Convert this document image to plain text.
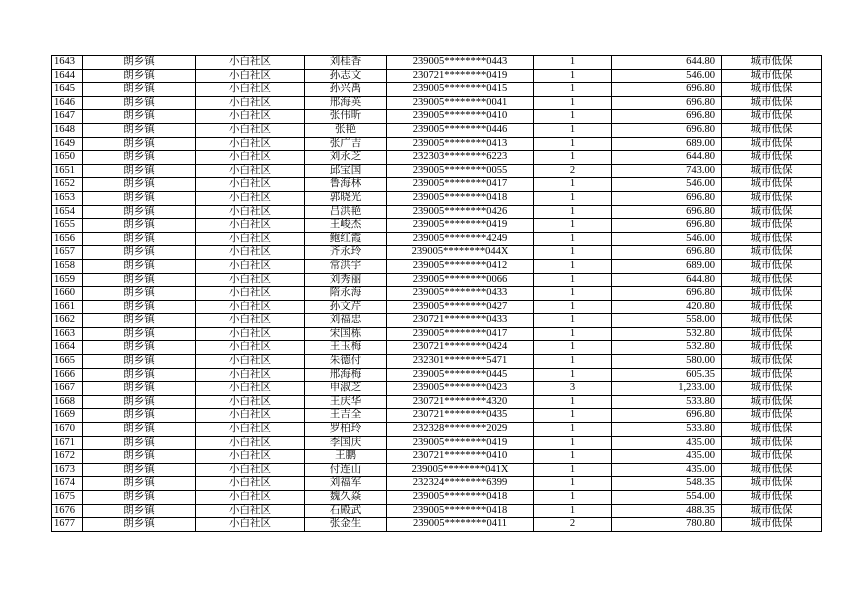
1643	朗乡镇	小白社区	刘桂香	239005********0443	1	644.80	城市低保
1644	朗乡镇	小白社区	孙志文	230721********0419	1	546.00	城市低保
1645	朗乡镇	小白社区	孙兴禹	239005********0415	1	696.80	城市低保
1646	朗乡镇	小白社区	邢海英	239005********0041	1	696.80	城市低保
1647	朗乡镇	小白社区	张伟昕	239005********0410	1	696.80	城市低保
1648	朗乡镇	小白社区	张艳	239005********0446	1	696.80	城市低保
1649	朗乡镇	小白社区	张广吉	239005********0413	1	689.00	城市低保
1650	朗乡镇	小白社区	刘永芝	232303********6223	1	644.80	城市低保
1651	朗乡镇	小白社区	邱宝国	239005********0055	2	743.00	城市低保
1652	朗乡镇	小白社区	鲁海林	239005********0417	1	546.00	城市低保
1653	朗乡镇	小白社区	郭晓光	239005********0418	1	696.80	城市低保
1654	朗乡镇	小白社区	吕洪艳	239005********0426	1	696.80	城市低保
1655	朗乡镇	小白社区	王峻杰	239005********0419	1	696.80	城市低保
1656	朗乡镇	小白社区	鲍红霞	239005********4249	1	546.00	城市低保
1657	朗乡镇	小白社区	齐永玲	239005********044X	1	696.80	城市低保
1658	朗乡镇	小白社区	常洪宇	239005********0412	1	689.00	城市低保
1659	朗乡镇	小白社区	刘秀丽	239005********0066	1	644.80	城市低保
1660	朗乡镇	小白社区	隋永海	239005********0433	1	696.80	城市低保
1661	朗乡镇	小白社区	孙文芹	239005********0427	1	420.80	城市低保
1662	朗乡镇	小白社区	刘福忠	230721********0433	1	558.00	城市低保
1663	朗乡镇	小白社区	宋国栋	239005********0417	1	532.80	城市低保
1664	朗乡镇	小白社区	王玉梅	230721********0424	1	532.80	城市低保
1665	朗乡镇	小白社区	朱德付	232301********5471	1	580.00	城市低保
1666	朗乡镇	小白社区	邢海梅	239005********0445	1	605.35	城市低保
1667	朗乡镇	小白社区	申淑芝	239005********0423	3	1,233.00	城市低保
1668	朗乡镇	小白社区	王庆华	230721********4320	1	533.80	城市低保
1669	朗乡镇	小白社区	王吉全	230721********0435	1	696.80	城市低保
1670	朗乡镇	小白社区	罗柏玲	232328********2029	1	533.80	城市低保
1671	朗乡镇	小白社区	李国庆	239005********0419	1	435.00	城市低保
1672	朗乡镇	小白社区	王鹏	230721********0410	1	435.00	城市低保
1673	朗乡镇	小白社区	付连山	239005********041X	1	435.00	城市低保
1674	朗乡镇	小白社区	刘福军	232324********6399	1	548.35	城市低保
1675	朗乡镇	小白社区	魏久焱	239005********0418	1	554.00	城市低保
1676	朗乡镇	小白社区	石殿武	239005********0418	1	488.35	城市低保
1677	朗乡镇	小白社区	张金生	239005********0411	2	780.80	城市低保
